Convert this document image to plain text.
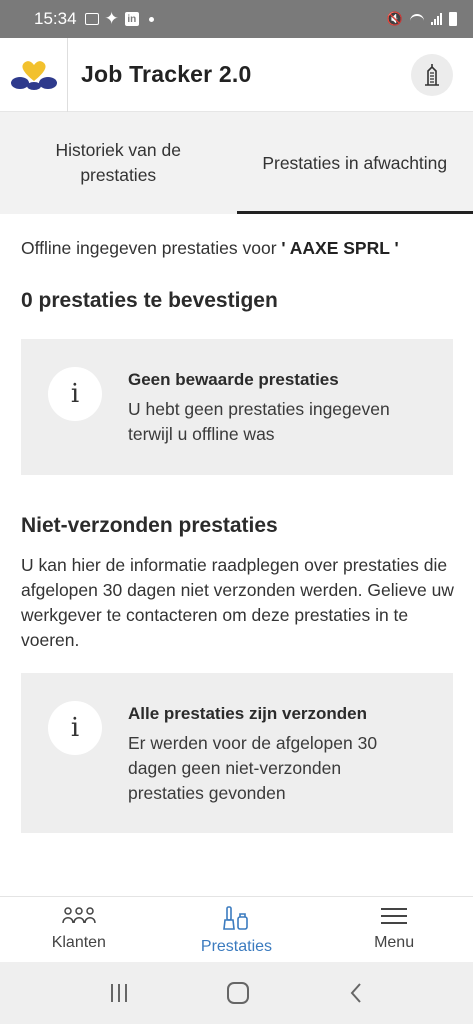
15:34 ✦ in	🔇
Job Tracker 2.0
Historiek van de prestaties
Prestaties in afwachting
Offline ingegeven prestaties voor ' AAXE SPRL '
0 prestaties te bevestigen
i	Geen bewaarde prestaties
U hebt geen prestaties ingegeven terwijl u offline was
Niet-verzonden prestaties
U kan hier de informatie raadplegen over prestaties die afgelopen 30 dagen niet verzonden werden. Gelieve uw werkgever te contacteren om deze prestaties in te voeren.
i	Alle prestaties zijn verzonden
Er werden voor de afgelopen 30 dagen geen niet-verzonden prestaties gevonden
Klanten	Prestaties	Menu
